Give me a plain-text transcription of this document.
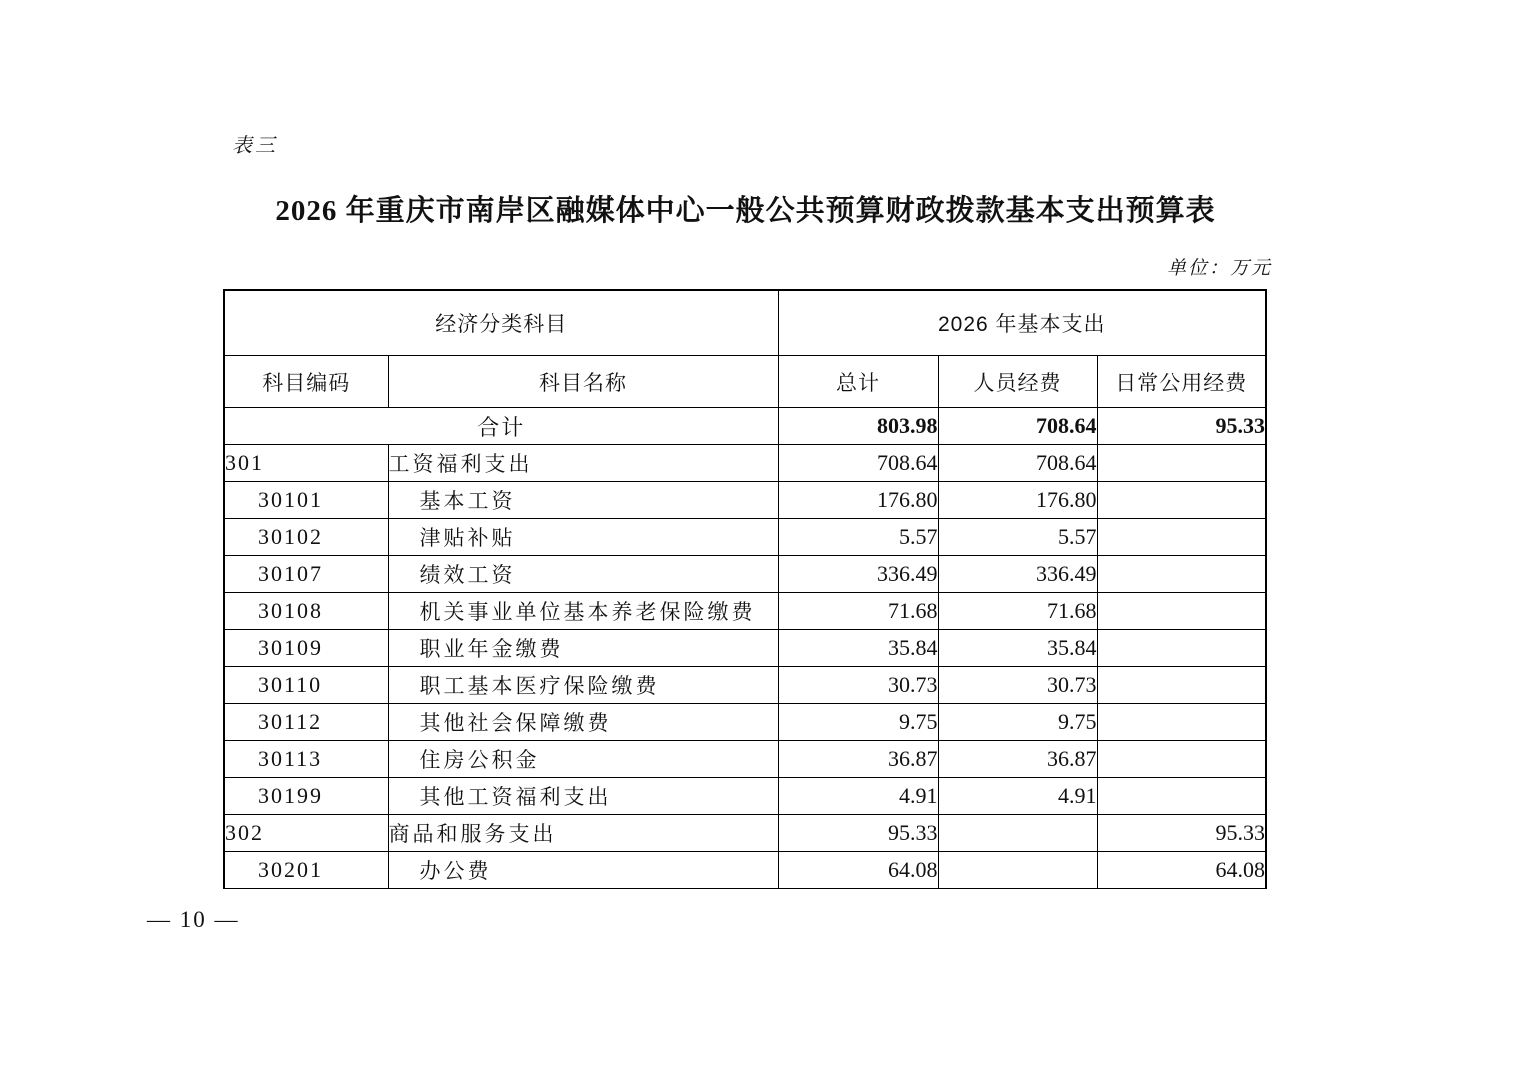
表三
2026 年重庆市南岸区融媒体中心一般公共预算财政拨款基本支出预算表
单位：万元
经济分类科目		2026 年基本支出		
科目编码	科目名称	总计	人员经费	日常公用经费
合计		803.98	708.64	95.33
301	工资福利支出	708.64	708.64	
30101	基本工资	176.80	176.80	
30102	津贴补贴	5.57	5.57	
30107	绩效工资	336.49	336.49	
30108	机关事业单位基本养老保险缴费	71.68	71.68	
30109	职业年金缴费	35.84	35.84	
30110	职工基本医疗保险缴费	30.73	30.73	
30112	其他社会保障缴费	9.75	9.75	
30113	住房公积金	36.87	36.87	
30199	其他工资福利支出	4.91	4.91	
302	商品和服务支出	95.33		95.33
30201	办公费	64.08		64.08
— 10 —
